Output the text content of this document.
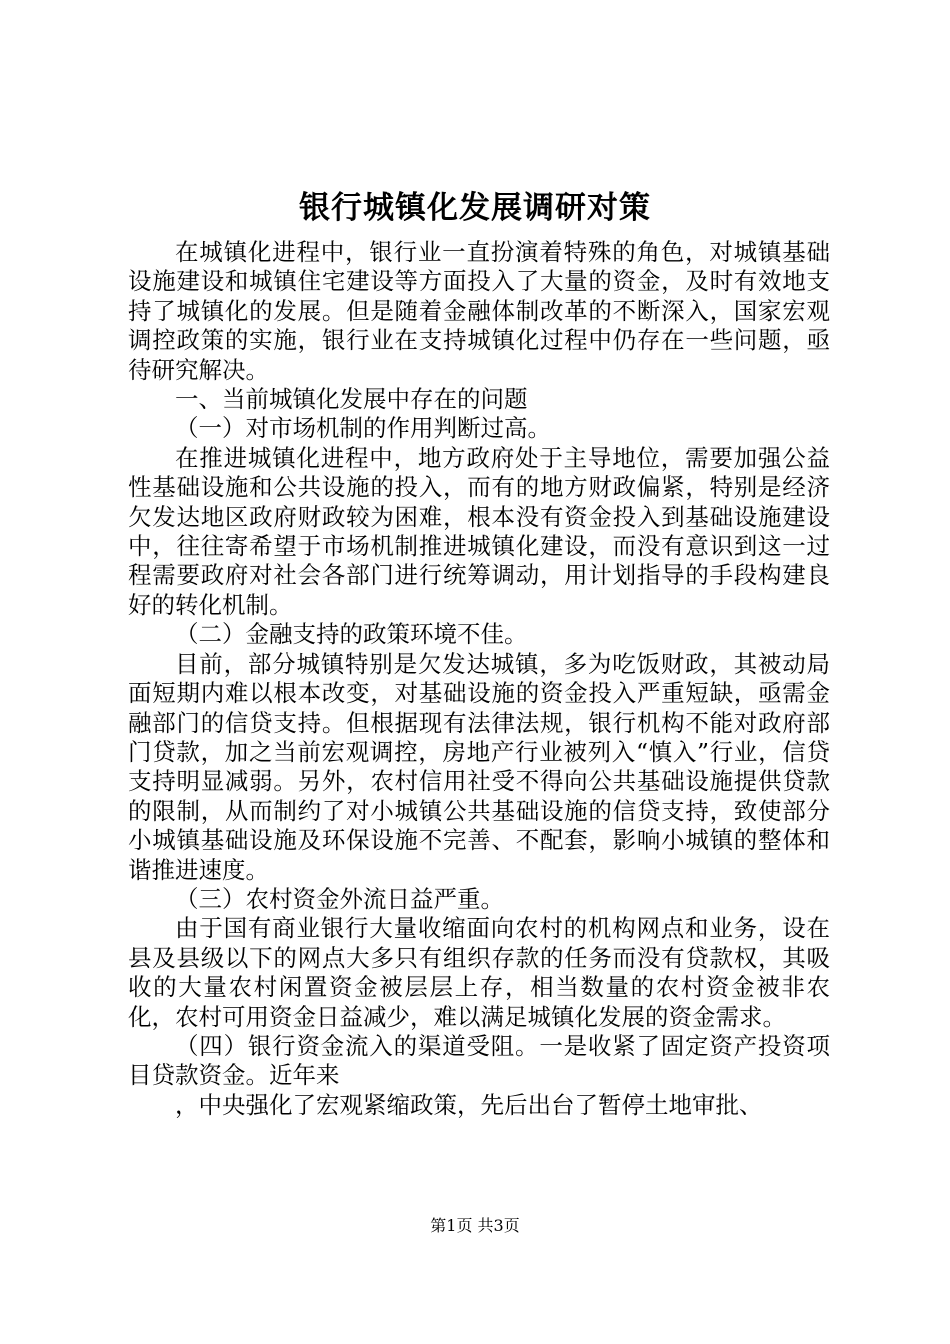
银行城镇化发展调研对策

在城镇化进程中，银行业一直扮演着特殊的角色，对城镇基础设施建设和城镇住宅建设等方面投入了大量的资金，及时有效地支持了城镇化的发展。但是随着金融体制改革的不断深入，国家宏观调控政策的实施，银行业在支持城镇化过程中仍存在一些问题，亟待研究解决。

一、当前城镇化发展中存在的问题

（一）对市场机制的作用判断过高。

在推进城镇化进程中，地方政府处于主导地位，需要加强公益性基础设施和公共设施的投入，而有的地方财政偏紧，特别是经济欠发达地区政府财政较为困难，根本没有资金投入到基础设施建设中，往往寄希望于市场机制推进城镇化建设，而没有意识到这一过程需要政府对社会各部门进行统筹调动，用计划指导的手段构建良好的转化机制。

（二）金融支持的政策环境不佳。

目前，部分城镇特别是欠发达城镇，多为吃饭财政，其被动局面短期内难以根本改变，对基础设施的资金投入严重短缺，亟需金融部门的信贷支持。但根据现有法律法规，银行机构不能对政府部门贷款，加之当前宏观调控，房地产行业被列入“慎入”行业，信贷支持明显减弱。另外，农村信用社受不得向公共基础设施提供贷款的限制，从而制约了对小城镇公共基础设施的信贷支持，致使部分小城镇基础设施及环保设施不完善、不配套，影响小城镇的整体和谐推进速度。

（三）农村资金外流日益严重。

由于国有商业银行大量收缩面向农村的机构网点和业务，设在县及县级以下的网点大多只有组织存款的任务而没有贷款权，其吸收的大量农村闲置资金被层层上存，相当数量的农村资金被非农化，农村可用资金日益减少，难以满足城镇化发展的资金需求。

（四）银行资金流入的渠道受阻。一是收紧了固定资产投资项目贷款资金。近年来

，中央强化了宏观紧缩政策，先后出台了暂停土地审批、

第1页 共3页
